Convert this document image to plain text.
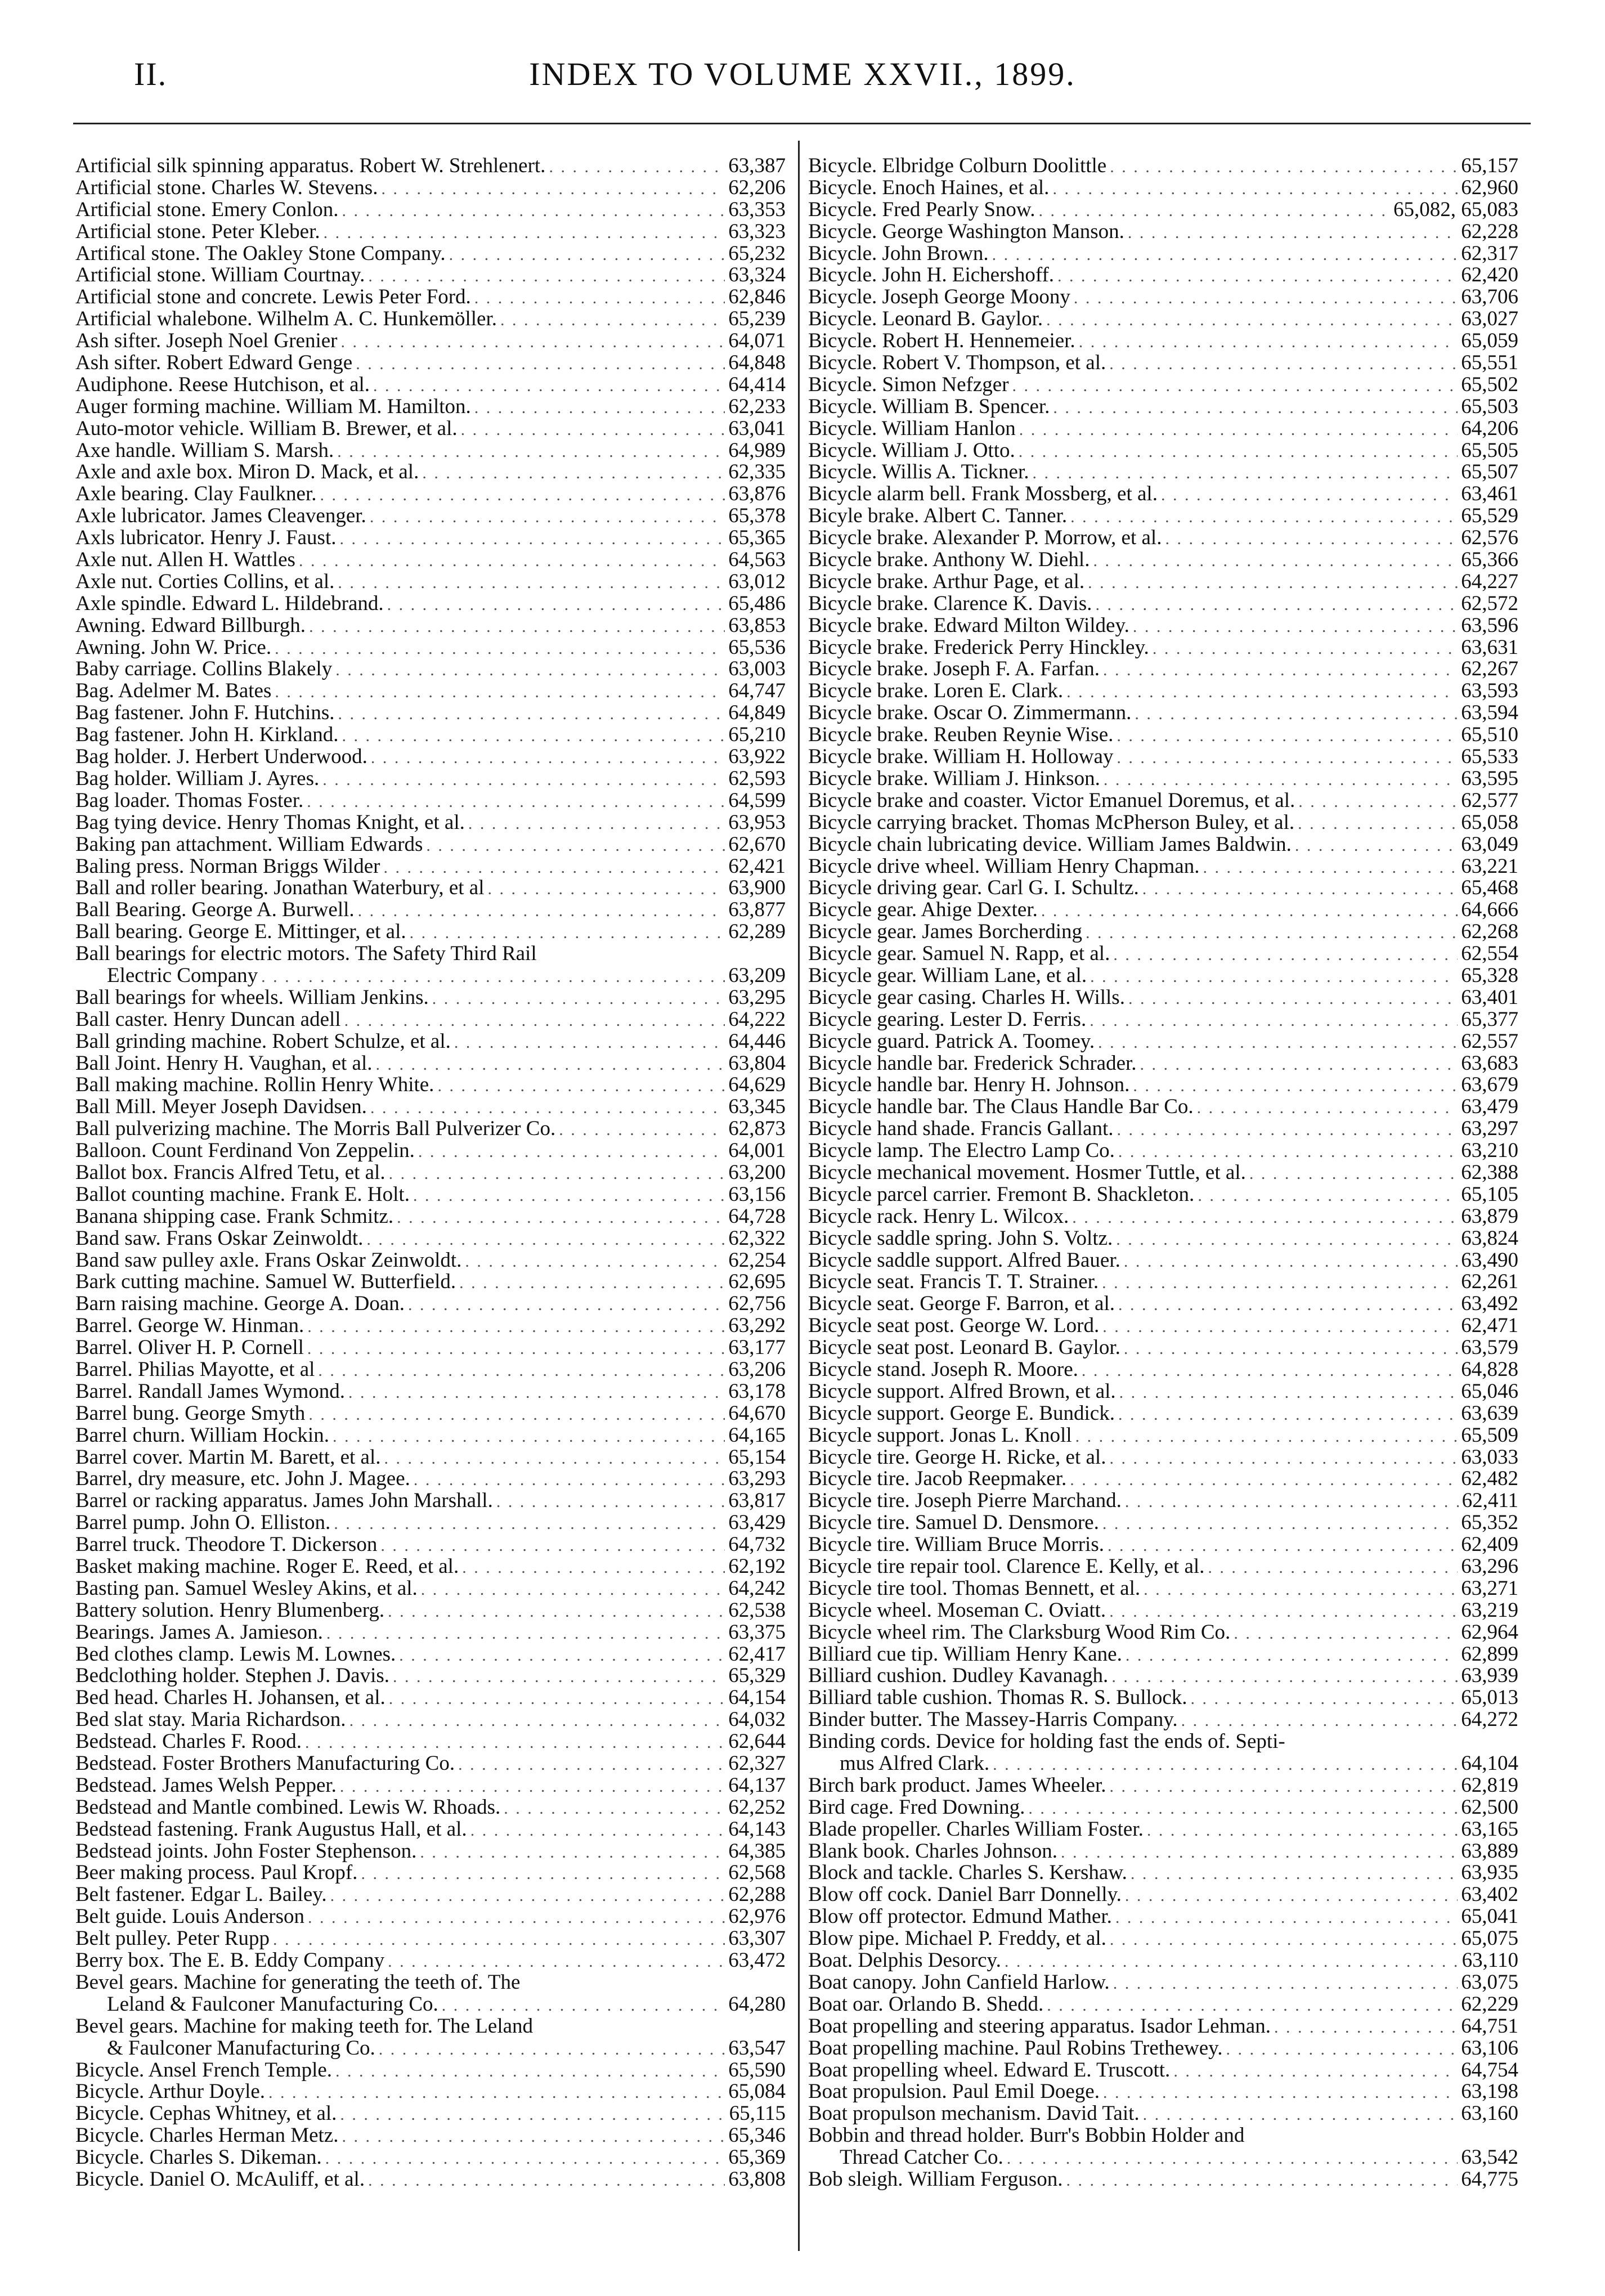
II.	INDEX TO VOLUME XXVII., 1899.
Artificial silk spinning apparatus. Robert W. Strehlenert. . . .	63,387
Artificial stone. Charles W. Stevens. . . .	62,206
Artificial stone. Emery Conlon. . . .	63,353
Artificial stone. Peter Kleber. . . .	63,323
Artifical stone. The Oakley Stone Company. . . .	65,232
Artificial stone. William Courtnay. . . .	63,324
Artificial stone and concrete. Lewis Peter Ford. . . .	62,846
Artificial whalebone. Wilhelm A. C. Hunkemöller. . . .	65,239
Ash sifter. Joseph Noel Grenier . . .	64,071
Ash sifter. Robert Edward Genge . . .	64,848
Audiphone. Reese Hutchison, et al. . . .	64,414
Auger forming machine. William M. Hamilton. . . .	62,233
Auto-motor vehicle. William B. Brewer, et al. . . .	63,041
Axe handle. William S. Marsh. . . .	64,989
Axle and axle box. Miron D. Mack, et al. . . .	62,335
Axle bearing. Clay Faulkner. . . .	63,876
Axle lubricator. James Cleavenger. . . .	65,378
Axls lubricator. Henry J. Faust. . . .	65,365
Axle nut. Allen H. Wattles . . .	64,563
Axle nut. Corties Collins, et al. . . .	63,012
Axle spindle. Edward L. Hildebrand. . . .	65,486
Awning. Edward Billburgh. . . .	63,853
Awning. John W. Price. . . .	65,536
Baby carriage. Collins Blakely . . .	63,003
Bag. Adelmer M. Bates . . .	64,747
Bag fastener. John F. Hutchins. . . .	64,849
Bag fastener. John H. Kirkland. . . .	65,210
Bag holder. J. Herbert Underwood. . . .	63,922
Bag holder. William J. Ayres. . . .	62,593
Bag loader. Thomas Foster. . . .	64,599
Bag tying device. Henry Thomas Knight, et al. . . .	63,953
Baking pan attachment. William Edwards . . .	62,670
Baling press. Norman Briggs Wilder . . .	62,421
Ball and roller bearing. Jonathan Waterbury, et al . . .	63,900
Ball Bearing. George A. Burwell. . . .	63,877
Ball bearing. George E. Mittinger, et al. . . .	62,289
Ball bearings for electric motors. The Safety Third Rail
Electric Company . . .	63,209
Ball bearings for wheels. William Jenkins. . . .	63,295
Ball caster. Henry Duncan adell . . .	64,222
Ball grinding machine. Robert Schulze, et al. . . .	64,446
Ball Joint. Henry H. Vaughan, et al. . . .	63,804
Ball making machine. Rollin Henry White. . . .	64,629
Ball Mill. Meyer Joseph Davidsen. . . .	63,345
Ball pulverizing machine. The Morris Ball Pulverizer Co. . . .	62,873
Balloon. Count Ferdinand Von Zeppelin. . . .	64,001
Ballot box. Francis Alfred Tetu, et al. . . .	63,200
Ballot counting machine. Frank E. Holt. . . .	63,156
Banana shipping case. Frank Schmitz. . . .	64,728
Band saw. Frans Oskar Zeinwoldt. . . .	62,322
Band saw pulley axle. Frans Oskar Zeinwoldt. . . .	62,254
Bark cutting machine. Samuel W. Butterfield. . . .	62,695
Barn raising machine. George A. Doan. . . .	62,756
Barrel. George W. Hinman. . . .	63,292
Barrel. Oliver H. P. Cornell . . .	63,177
Barrel. Philias Mayotte, et al . . .	63,206
Barrel. Randall James Wymond. . . .	63,178
Barrel bung. George Smyth . . .	64,670
Barrel churn. William Hockin. . . .	64,165
Barrel cover. Martin M. Barett, et al. . . .	65,154
Barrel, dry measure, etc. John J. Magee. . . .	63,293
Barrel or racking apparatus. James John Marshall. . . .	63,817
Barrel pump. John O. Elliston. . . .	63,429
Barrel truck. Theodore T. Dickerson . . .	64,732
Basket making machine. Roger E. Reed, et al. . . .	62,192
Basting pan. Samuel Wesley Akins, et al. . . .	64,242
Battery solution. Henry Blumenberg. . . .	62,538
Bearings. James A. Jamieson. . . .	63,375
Bed clothes clamp. Lewis M. Lownes. . . .	62,417
Bedclothing holder. Stephen J. Davis. . . .	65,329
Bed head. Charles H. Johansen, et al. . . .	64,154
Bed slat stay. Maria Richardson. . . .	64,032
Bedstead. Charles F. Rood. . . .	62,644
Bedstead. Foster Brothers Manufacturing Co. . . .	62,327
Bedstead. James Welsh Pepper. . . .	64,137
Bedstead and Mantle combined. Lewis W. Rhoads. . . .	62,252
Bedstead fastening. Frank Augustus Hall, et al. . . .	64,143
Bedstead joints. John Foster Stephenson. . . .	64,385
Beer making process. Paul Kropf. . . .	62,568
Belt fastener. Edgar L. Bailey. . . .	62,288
Belt guide. Louis Anderson . . .	62,976
Belt pulley. Peter Rupp . . .	63,307
Berry box. The E. B. Eddy Company . . .	63,472
Bevel gears. Machine for generating the teeth of. The
Leland & Faulconer Manufacturing Co. . . .	64,280
Bevel gears. Machine for making teeth for. The Leland
& Faulconer Manufacturing Co. . . .	63,547
Bicycle. Ansel French Temple. . . .	65,590
Bicycle. Arthur Doyle. . . .	65,084
Bicycle. Cephas Whitney, et al. . . .	65,115
Bicycle. Charles Herman Metz. . . .	65,346
Bicycle. Charles S. Dikeman. . . .	65,369
Bicycle. Daniel O. McAuliff, et al. . . .	63,808
Bicycle. Elbridge Colburn Doolittle . . .	65,157
Bicycle. Enoch Haines, et al. . . .	62,960
Bicycle. Fred Pearly Snow. . . .	65,082, 65,083
Bicycle. George Washington Manson. . . .	62,228
Bicycle. John Brown. . . .	62,317
Bicycle. John H. Eichershoff. . . .	62,420
Bicycle. Joseph George Moony . . .	63,706
Bicycle. Leonard B. Gaylor. . . .	63,027
Bicycle. Robert H. Hennemeier. . . .	65,059
Bicycle. Robert V. Thompson, et al. . . .	65,551
Bicycle. Simon Nefzger . . .	65,502
Bicycle. William B. Spencer. . . .	65,503
Bicycle. William Hanlon . . .	64,206
Bicycle. William J. Otto. . . .	65,505
Bicycle. Willis A. Tickner. . . .	65,507
Bicycle alarm bell. Frank Mossberg, et al. . . .	63,461
Bicyle brake. Albert C. Tanner. . . .	65,529
Bicycle brake. Alexander P. Morrow, et al. . . .	62,576
Bicycle brake. Anthony W. Diehl. . . .	65,366
Bicycle brake. Arthur Page, et al. . . .	64,227
Bicycle brake. Clarence K. Davis. . . .	62,572
Bicycle brake. Edward Milton Wildey. . . .	63,596
Bicycle brake. Frederick Perry Hinckley. . . .	63,631
Bicycle brake. Joseph F. A. Farfan. . . .	62,267
Bicycle brake. Loren E. Clark. . . .	63,593
Bicycle brake. Oscar O. Zimmermann. . . .	63,594
Bicycle brake. Reuben Reynie Wise. . . .	65,510
Bicycle brake. William H. Holloway . . .	65,533
Bicycle brake. William J. Hinkson. . . .	63,595
Bicycle brake and coaster. Victor Emanuel Doremus, et al. . . .	62,577
Bicycle carrying bracket. Thomas McPherson Buley, et al. . . .	65,058
Bicycle chain lubricating device. William James Baldwin. . . .	63,049
Bicycle drive wheel. William Henry Chapman. . . .	63,221
Bicycle driving gear. Carl G. I. Schultz. . . .	65,468
Bicycle gear. Ahige Dexter. . . .	64,666
Bicycle gear. James Borcherding . . .	62,268
Bicycle gear. Samuel N. Rapp, et al. . . .	62,554
Bicycle gear. William Lane, et al. . . .	65,328
Bicycle gear casing. Charles H. Wills. . . .	63,401
Bicycle gearing. Lester D. Ferris. . . .	65,377
Bicycle guard. Patrick A. Toomey. . . .	62,557
Bicycle handle bar. Frederick Schrader. . . .	63,683
Bicycle handle bar. Henry H. Johnson. . . .	63,679
Bicycle handle bar. The Claus Handle Bar Co. . . .	63,479
Bicycle hand shade. Francis Gallant. . . .	63,297
Bicycle lamp. The Electro Lamp Co. . . .	63,210
Bicycle mechanical movement. Hosmer Tuttle, et al. . . .	62,388
Bicycle parcel carrier. Fremont B. Shackleton. . . .	65,105
Bicycle rack. Henry L. Wilcox. . . .	63,879
Bicycle saddle spring. John S. Voltz. . . .	63,824
Bicycle saddle support. Alfred Bauer. . . .	63,490
Bicycle seat. Francis T. T. Strainer. . . .	62,261
Bicycle seat. George F. Barron, et al. . . .	63,492
Bicycle seat post. George W. Lord. . . .	62,471
Bicycle seat post. Leonard B. Gaylor. . . .	63,579
Bicycle stand. Joseph R. Moore. . . .	64,828
Bicycle support. Alfred Brown, et al. . . .	65,046
Bicycle support. George E. Bundick. . . .	63,639
Bicycle support. Jonas L. Knoll . . .	65,509
Bicycle tire. George H. Ricke, et al. . . .	63,033
Bicycle tire. Jacob Reepmaker. . . .	62,482
Bicycle tire. Joseph Pierre Marchand. . . .	62,411
Bicycle tire. Samuel D. Densmore. . . .	65,352
Bicycle tire. William Bruce Morris. . . .	62,409
Bicycle tire repair tool. Clarence E. Kelly, et al. . . .	63,296
Bicycle tire tool. Thomas Bennett, et al. . . .	63,271
Bicycle wheel. Moseman C. Oviatt. . . .	63,219
Bicycle wheel rim. The Clarksburg Wood Rim Co. . . .	62,964
Billiard cue tip. William Henry Kane. . . .	62,899
Billiard cushion. Dudley Kavanagh. . . .	63,939
Billiard table cushion. Thomas R. S. Bullock. . . .	65,013
Binder butter. The Massey-Harris Company. . . .	64,272
Binding cords. Device for holding fast the ends of. Septi-
mus Alfred Clark. . . .	64,104
Birch bark product. James Wheeler. . . .	62,819
Bird cage. Fred Downing. . . .	62,500
Blade propeller. Charles William Foster. . . .	63,165
Blank book. Charles Johnson. . . .	63,889
Block and tackle. Charles S. Kershaw. . . .	63,935
Blow off cock. Daniel Barr Donnelly. . . .	63,402
Blow off protector. Edmund Mather. . . .	65,041
Blow pipe. Michael P. Freddy, et al. . . .	65,075
Boat. Delphis Desorcy. . . .	63,110
Boat canopy. John Canfield Harlow. . . .	63,075
Boat oar. Orlando B. Shedd. . . .	62,229
Boat propelling and steering apparatus. Isador Lehman. . . .	64,751
Boat propelling machine. Paul Robins Trethewey. . . .	63,106
Boat propelling wheel. Edward E. Truscott. . . .	64,754
Boat propulsion. Paul Emil Doege. . . .	63,198
Boat propulson mechanism. David Tait. . . .	63,160
Bobbin and thread holder. Burr's Bobbin Holder and
Thread Catcher Co. . . .	63,542
Bob sleigh. William Ferguson. . . .	64,775
